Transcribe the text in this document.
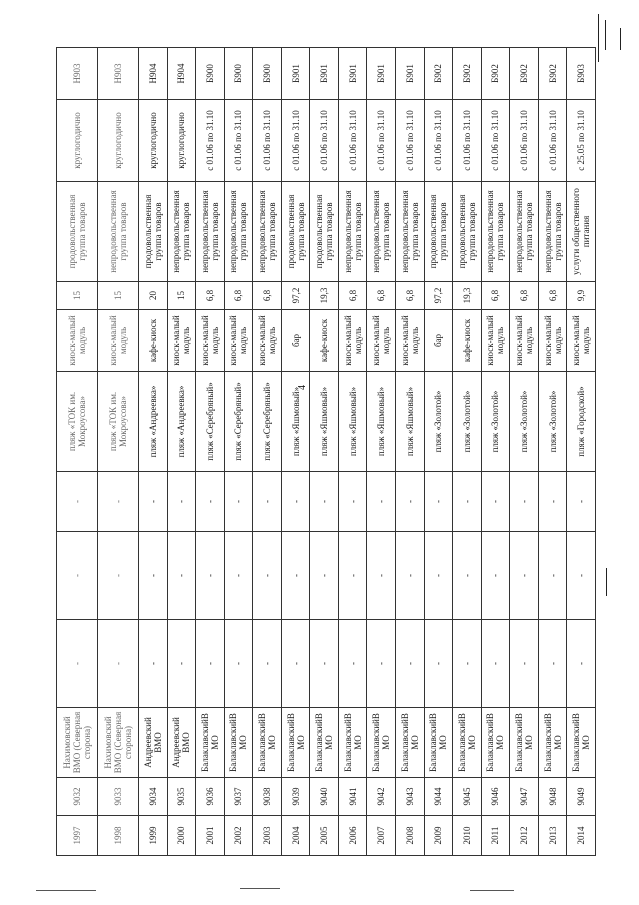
4
1997	9032	Нахимовский ВМО (Северная сторона)	-	-	-	пляж «ТОК им. Мокроусова»	киоск-малый модуль	15	продовольственная группа товаров	круглогодично	Н903
1998	9033	Нахимовский ВМО (Северная сторона)	-	-	-	пляж «ТОК им. Мокроусова»	киоск-малый модуль	15	непродовольственная группа товаров	круглогодично	Н903
1999	9034	Андреевский ВМО	-	-	-	пляж «Андреевка»	кафе-киоск	20	продовольственная группа товаров	круглогодично	Н904
2000	9035	Андреевский ВМО	-	-	-	пляж «Андреевка»	киоск-малый модуль	15	непродовольственная группа товаров	круглогодично	Н904
2001	9036	БалаклавскийВ МО	-	-	-	пляж «Серебряный»	киоск-малый модуль	6,8	непродовольственная группа товаров	с 01.06 по 31.10	Б900
2002	9037	БалаклавскийВ МО	-	-	-	пляж «Серебряный»	киоск-малый модуль	6,8	непродовольственная группа товаров	с 01.06 по 31.10	Б900
2003	9038	БалаклавскийВ МО	-	-	-	пляж «Серебряный»	киоск-малый модуль	6,8	непродовольственная группа товаров	с 01.06 по 31.10	Б900
2004	9039	БалаклавскийВ МО	-	-	-	пляж «Яшмовый»	бар	97,2	продовольственная группа товаров	с 01.06 по 31.10	Б901
2005	9040	БалаклавскийВ МО	-	-	-	пляж «Яшмовый»	кафе-киоск	19,3	продовольственная группа товаров	с 01.06 по 31.10	Б901
2006	9041	БалаклавскийВ МО	-	-	-	пляж «Яшмовый»	киоск-малый модуль	6,8	непродовольственная группа товаров	с 01.06 по 31.10	Б901
2007	9042	БалаклавскийВ МО	-	-	-	пляж «Яшмовый»	киоск-малый модуль	6,8	непродовольственная группа товаров	с 01.06 по 31.10	Б901
2008	9043	БалаклавскийВ МО	-	-	-	пляж «Яшмовый»	киоск-малый модуль	6,8	непродовольственная группа товаров	с 01.06 по 31.10	Б901
2009	9044	БалаклавскийВ МО	-	-	-	пляж «Золотой»	бар	97,2	продовольственная группа товаров	с 01.06 по 31.10	Б902
2010	9045	БалаклавскийВ МО	-	-	-	пляж «Золотой»	кафе-киоск	19,3	продовольственная группа товаров	с 01.06 по 31.10	Б902
2011	9046	БалаклавскийВ МО	-	-	-	пляж «Золотой»	киоск-малый модуль	6,8	непродовольственная группа товаров	с 01.06 по 31.10	Б902
2012	9047	БалаклавскийВ МО	-	-	-	пляж «Золотой»	киоск-малый модуль	6,8	непродовольственная группа товаров	с 01.06 по 31.10	Б902
2013	9048	БалаклавскийВ МО	-	-	-	пляж «Золотой»	киоск-малый модуль	6,8	непродовольственная группа товаров	с 01.06 по 31.10	Б902
2014	9049	БалаклавскийВ МО	-	-	-	пляж «Городской»	киоск-малый модуль	9,9	услуги общественного питания	с 25.05 по 31.10	Б903
